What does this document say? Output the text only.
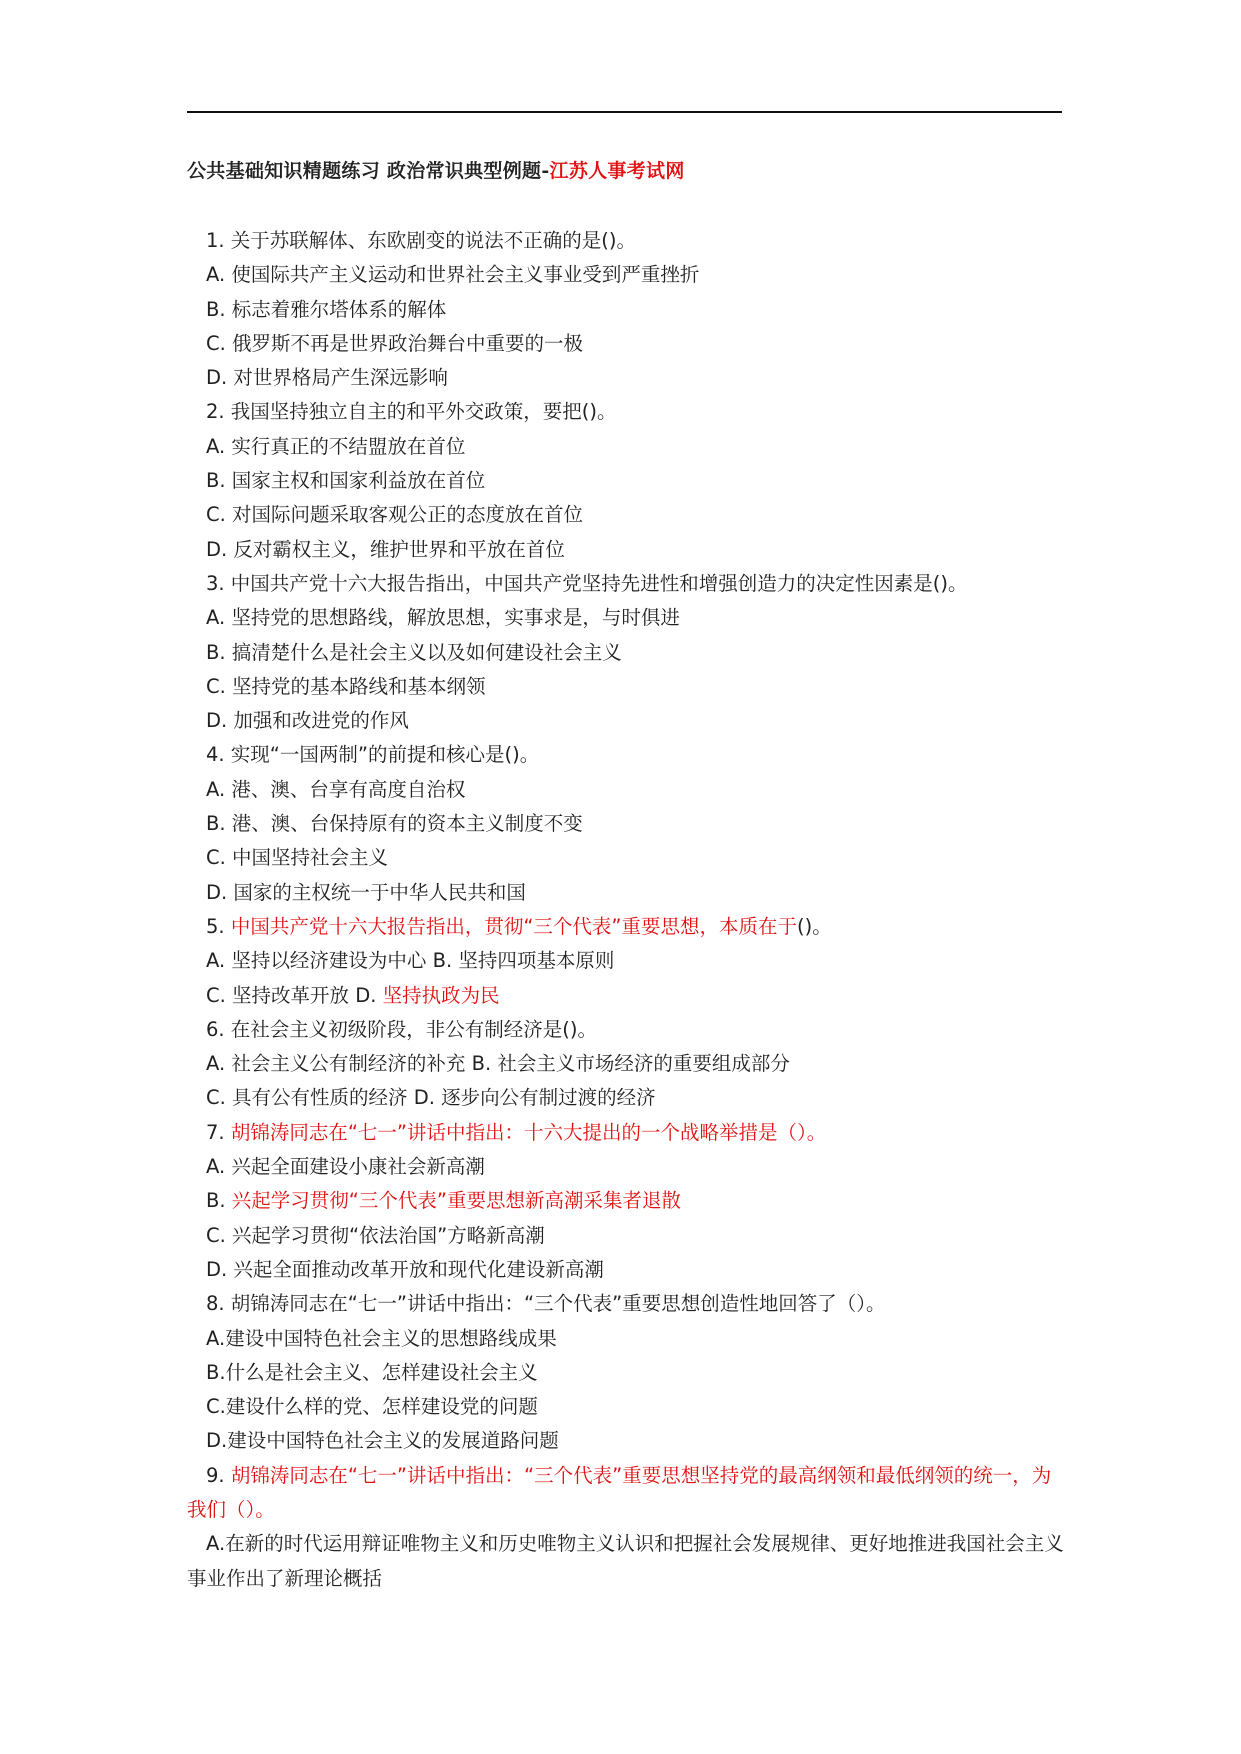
公共基础知识精题练习 政治常识典型例题-江苏人事考试网
1. 关于苏联解体、东欧剧变的说法不正确的是()。
A. 使国际共产主义运动和世界社会主义事业受到严重挫折
B. 标志着雅尔塔体系的解体
C. 俄罗斯不再是世界政治舞台中重要的一极
D. 对世界格局产生深远影响
2. 我国坚持独立自主的和平外交政策，要把()。
A. 实行真正的不结盟放在首位
B. 国家主权和国家利益放在首位
C. 对国际问题采取客观公正的态度放在首位
D. 反对霸权主义，维护世界和平放在首位
3. 中国共产党十六大报告指出，中国共产党坚持先进性和增强创造力的决定性因素是()。
A. 坚持党的思想路线，解放思想，实事求是，与时俱进
B. 搞清楚什么是社会主义以及如何建设社会主义
C. 坚持党的基本路线和基本纲领
D. 加强和改进党的作风
4. 实现“一国两制”的前提和核心是()。
A. 港、澳、台享有高度自治权
B. 港、澳、台保持原有的资本主义制度不变
C. 中国坚持社会主义
D. 国家的主权统一于中华人民共和国
5. 中国共产党十六大报告指出，贯彻“三个代表”重要思想，本质在于()。
A. 坚持以经济建设为中心 B. 坚持四项基本原则
C. 坚持改革开放 D. 坚持执政为民
6. 在社会主义初级阶段，非公有制经济是()。
A. 社会主义公有制经济的补充 B. 社会主义市场经济的重要组成部分
C. 具有公有性质的经济 D. 逐步向公有制过渡的经济
7. 胡锦涛同志在“七一”讲话中指出：十六大提出的一个战略举措是（）。
A. 兴起全面建设小康社会新高潮
B. 兴起学习贯彻“三个代表”重要思想新高潮采集者退散
C. 兴起学习贯彻“依法治国”方略新高潮
D. 兴起全面推动改革开放和现代化建设新高潮
8. 胡锦涛同志在“七一”讲话中指出：“三个代表”重要思想创造性地回答了（）。
A.建设中国特色社会主义的思想路线成果
B.什么是社会主义、怎样建设社会主义
C.建设什么样的党、怎样建设党的问题
D.建设中国特色社会主义的发展道路问题
9. 胡锦涛同志在“七一”讲话中指出：“三个代表”重要思想坚持党的最高纲领和最低纲领的统一，为我们（）。
A.在新的时代运用辩证唯物主义和历史唯物主义认识和把握社会发展规律、更好地推进我国社会主义事业作出了新理论概括
